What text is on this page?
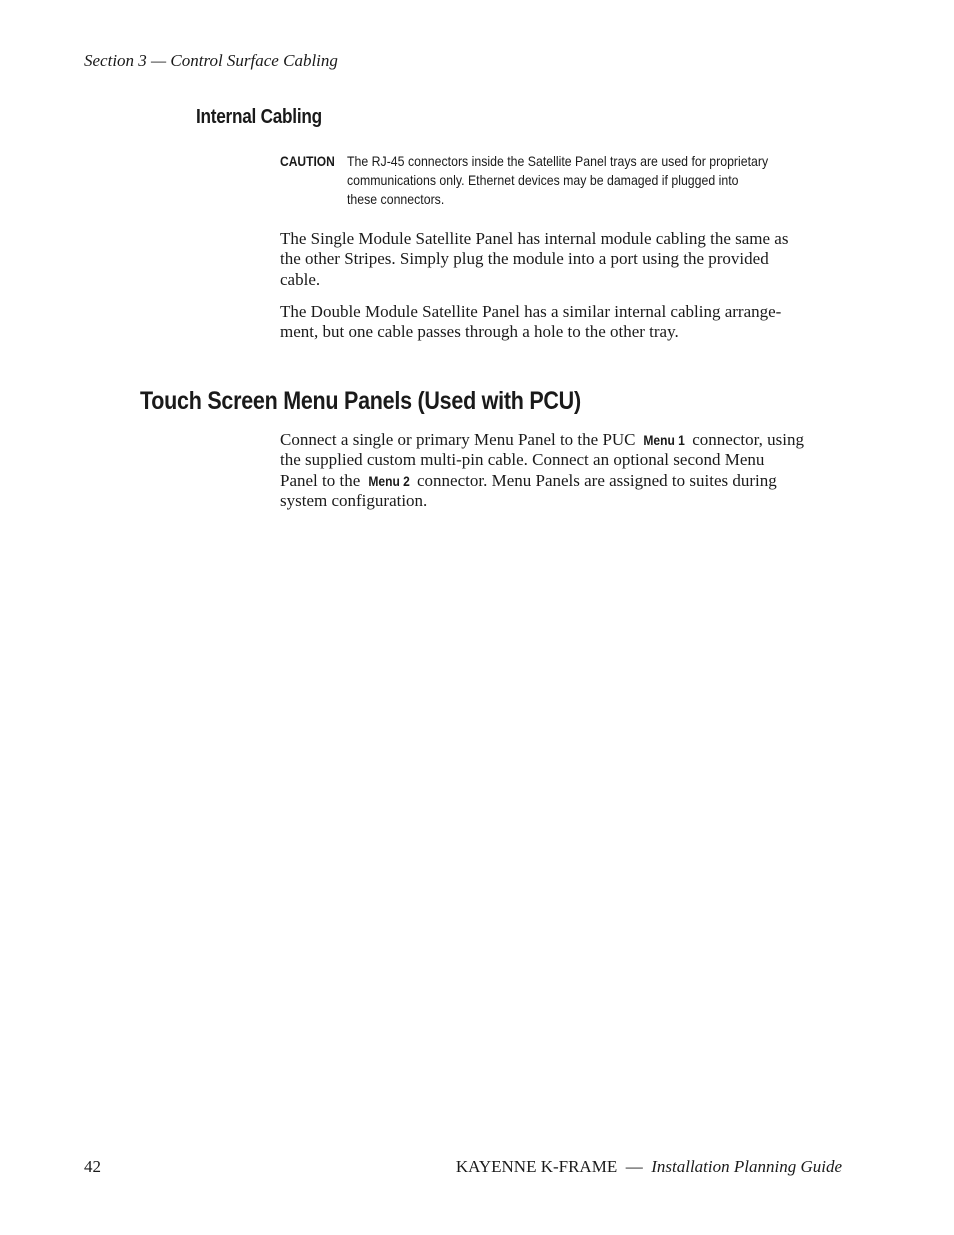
Section 3 — Control Surface Cabling
Internal Cabling
CAUTION The RJ-45 connectors inside the Satellite Panel trays are used for proprietary
communications only. Ethernet devices may be damaged if plugged into
these connectors.
The Single Module Satellite Panel has internal module cabling the same as
the other Stripes. Simply plug the module into a port using the provided
cable.
The Double Module Satellite Panel has a similar internal cabling arrange-
ment, but one cable passes through a hole to the other tray.
Touch Screen Menu Panels (Used with PCU)
Connect a single or primary Menu Panel to the PUC Menu 1 connector, using
the supplied custom multi-pin cable. Connect an optional second Menu
Panel to the Menu 2 connector. Menu Panels are assigned to suites during
system configuration.
42	KAYENNE K-FRAME — Installation Planning Guide
